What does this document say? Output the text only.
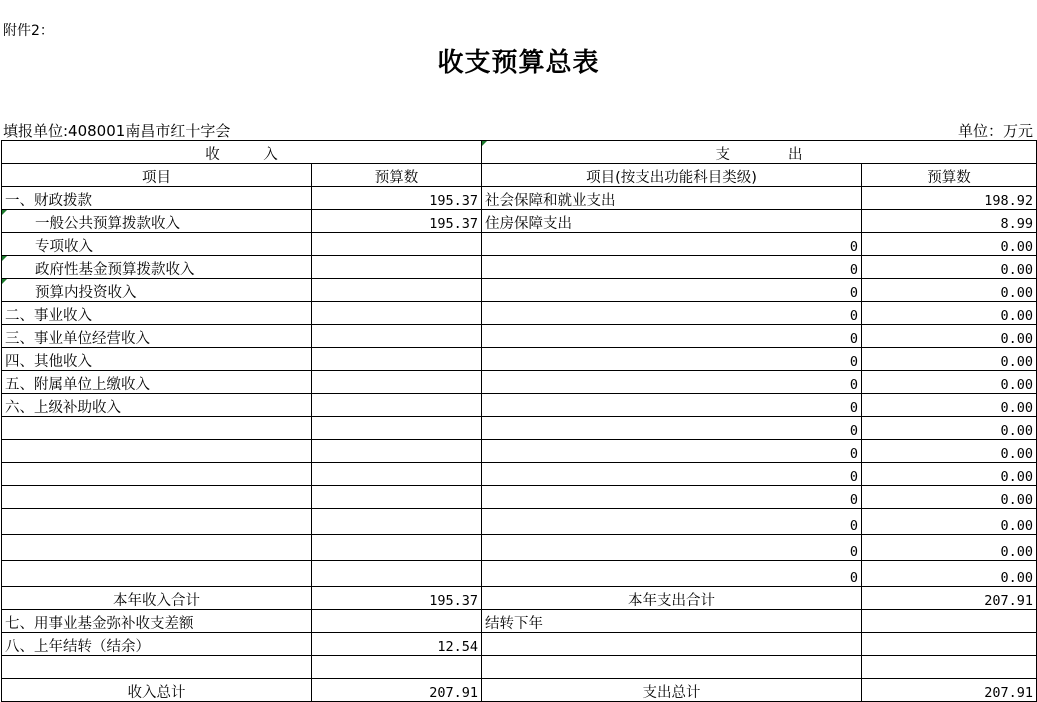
附件2：
收支预算总表
填报单位:408001南昌市红十字会	单位：万元
收　　　入		支　　　　出	
项目	预算数	项目(按支出功能科目类级)	预算数
一、财政拨款	195.37	社会保障和就业支出	198.92
一般公共预算拨款收入	195.37	住房保障支出	8.99
专项收入		0	0.00
政府性基金预算拨款收入		0	0.00
预算内投资收入		0	0.00
二、事业收入		0	0.00
三、事业单位经营收入		0	0.00
四、其他收入		0	0.00
五、附属单位上缴收入		0	0.00
六、上级补助收入		0	0.00

		0	0.00

		0	0.00

		0	0.00

		0	0.00

		0	0.00

		0	0.00

		0	0.00
本年收入合计	195.37	本年支出合计	207.91
七、用事业基金弥补收支差额		结转下年	
八、上年结转（结余）	12.54		

收入总计	207.91	支出总计	207.91
